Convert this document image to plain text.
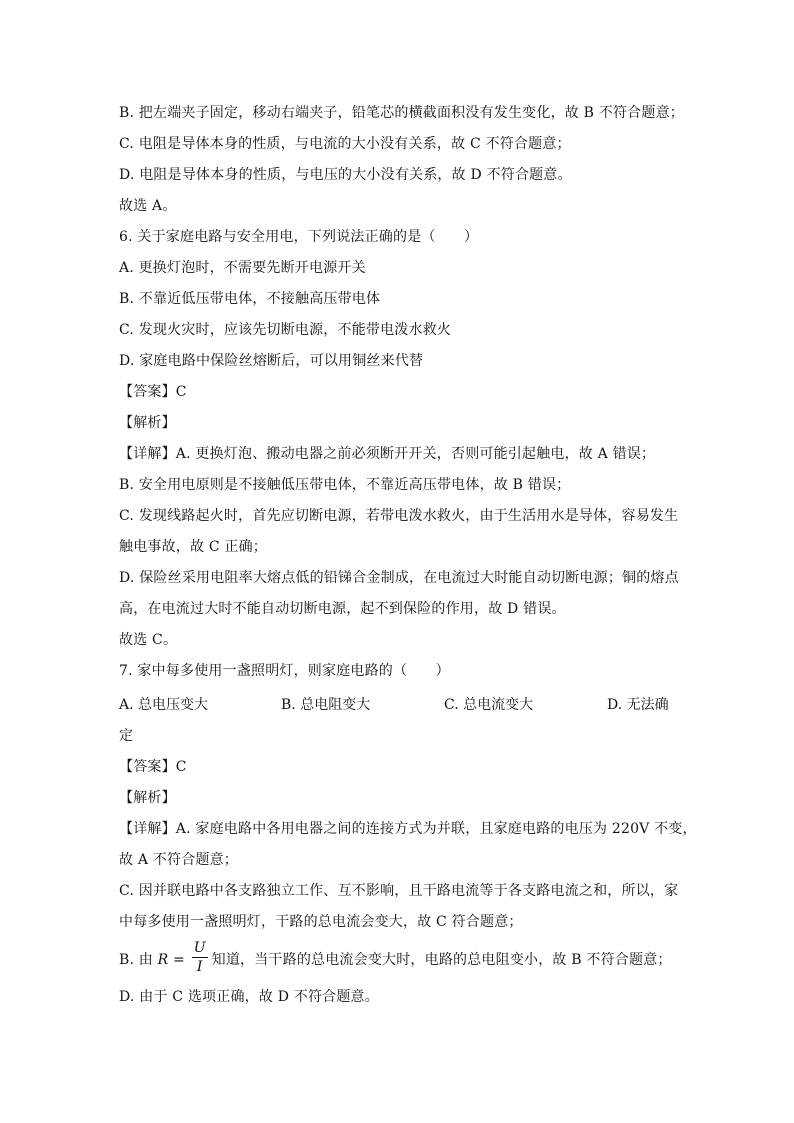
B. 把左端夹子固定，移动右端夹子，铅笔芯的横截面积没有发生变化，故 B 不符合题意；
C. 电阻是导体本身的性质，与电流的大小没有关系，故 C 不符合题意；
D. 电阻是导体本身的性质，与电压的大小没有关系，故 D 不符合题意。
故选 A。
6. 关于家庭电路与安全用电，下列说法正确的是（　　）
A. 更换灯泡时，不需要先断开电源开关
B. 不靠近低压带电体，不接触高压带电体
C. 发现火灾时，应该先切断电源，不能带电泼水救火
D. 家庭电路中保险丝熔断后，可以用铜丝来代替
【答案】C
【解析】
【详解】A. 更换灯泡、搬动电器之前必须断开开关，否则可能引起触电，故 A 错误；
B. 安全用电原则是不接触低压带电体，不靠近高压带电体，故 B 错误；
C. 发现线路起火时，首先应切断电源，若带电泼水救火，由于生活用水是导体，容易发生
触电事故，故 C 正确；
D. 保险丝采用电阻率大熔点低的铅锑合金制成，在电流过大时能自动切断电源；铜的熔点
高，在电流过大时不能自动切断电源，起不到保险的作用，故 D 错误。
故选 C。
7. 家中每多使用一盏照明灯，则家庭电路的（　　）
A. 总电压变大	B. 总电阻变大	C. 总电流变大	D. 无法确
定
【答案】C
【解析】
【详解】A. 家庭电路中各用电器之间的连接方式为并联，且家庭电路的电压为 220V 不变，
故 A 不符合题意；
C. 因并联电路中各支路独立工作、互不影响，且干路电流等于各支路电流之和，所以，家
中每多使用一盏照明灯，干路的总电流会变大，故 C 符合题意；
B. 由 R = 知道，当干路的总电流会变大时，电路的总电阻变小，故 B 不符合题意；
U
I
D. 由于 C 选项正确，故 D 不符合题意。
